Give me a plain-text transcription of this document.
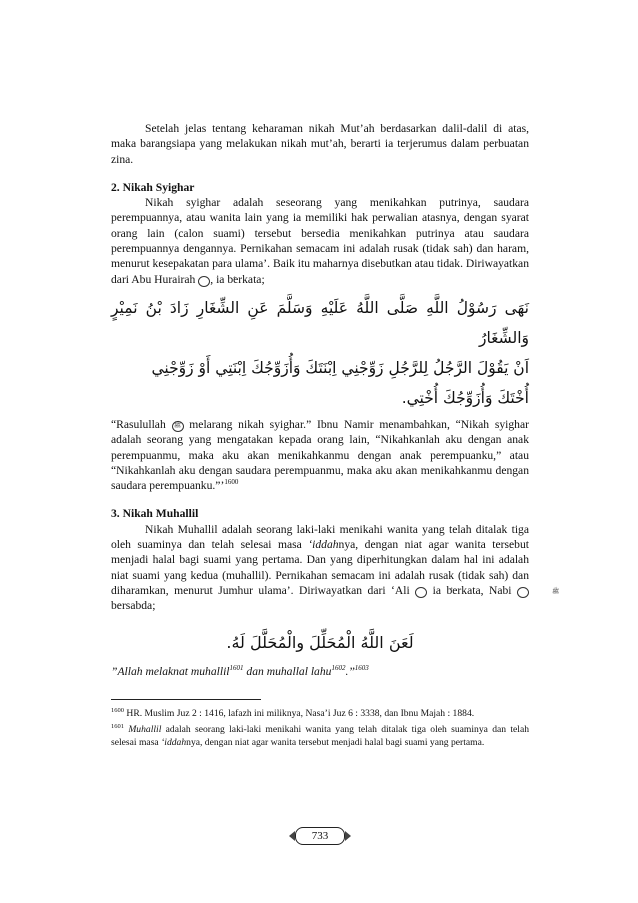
Setelah jelas tentang keharaman nikah Mut’ah berdasarkan dalil-dalil di atas, maka barangsiapa yang melakukan nikah mut’ah, berarti ia terjerumus dalam perbuatan zina.

2. Nikah Syighar

Nikah syighar adalah seseorang yang menikahkan putrinya, saudara perempuannya, atau wanita lain yang ia memiliki hak perwalian atasnya, dengan syarat orang lain (calon suami) tersebut bersedia menikahkan putrinya atau saudara perempuannya dengannya. Pernikahan semacam ini adalah rusak (tidak sah) dan haram, menurut kesepakatan para ulama’. Baik itu maharnya disebutkan atau tidak. Diriwayatkan dari Abu Hurairah , ia berkata;

نَهَى رَسُوْلُ اللَّهِ صَلَّى اللَّهُ عَلَيْهِ وَسَلَّمَ عَنِ الشِّغَارِ زَادَ بْنُ نَمِيْرٍ وَالشِّغَارُ
اَنْ يَقُوْلَ الرَّجُلُ لِلرَّجُلِ زَوِّجْنِي اِبْنَتَكَ وَأُزَوِّجُكَ اِبْنَتِي أَوْ زَوِّجْنِي
أُخْتَكَ وَأُزَوِّجُكَ أُخْتِي.

“Rasulullah ﷺ melarang nikah syighar.” Ibnu Namir menambahkan, “Nikah syighar adalah seorang yang mengatakan kepada orang lain, “Nikahkanlah aku dengan anak perempuanmu, maka aku akan menikahkanmu dengan anak perempuanku,” atau “Nikahkanlah aku dengan saudara perempuanmu, maka aku akan menikahkanmu dengan saudara perempuanku.”’$^{1600}$

3. Nikah Muhallil

Nikah Muhallil adalah seorang laki-laki menikahi wanita yang telah ditalak tiga oleh suaminya dan telah selesai masa ‘iddahnya, dengan niat agar wanita tersebut menjadi halal bagi suami yang pertama. Dan yang diperhitungkan dalam hal ini adalah niat suami yang kedua (muhallil). Pernikahan semacam ini adalah rusak (tidak sah) dan diharamkan, menurut Jumhur ulama’. Diriwayatkan dari ‘Ali ia berkata, Nabi	ﷺ bersabda;

لَعَنَ اللَّهُ الْمُحَلِّلَ والْمُحَلَّلَ لَهُ.

”Allah melaknat muhallil$^{1601}$ dan muhallal lahu$^{1602}$.’’$^{1603}$

$^{1600}$ HR. Muslim Juz 2 : 1416, lafazh ini miliknya, Nasa’i Juz 6 : 3338, dan Ibnu Majah : 1884.

$^{1601}$ Muhallil adalah seorang laki-laki menikahi wanita yang telah ditalak tiga oleh suaminya dan telah selesai masa ‘iddahnya, dengan niat agar wanita tersebut menjadi halal bagi suami yang pertama.

733
